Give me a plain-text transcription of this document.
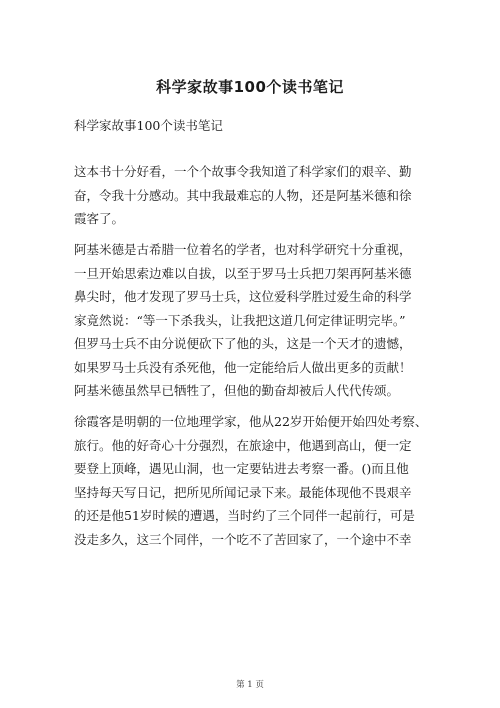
科学家故事100个读书笔记
科学家故事100个读书笔记
这本书十分好看，一个个故事令我知道了科学家们的艰辛、勤
奋，令我十分感动。其中我最难忘的人物，还是阿基米德和徐
霞客了。
阿基米德是古希腊一位着名的学者，也对科学研究十分重视，
一旦开始思索边难以自拔，以至于罗马士兵把刀架再阿基米德
鼻尖时，他才发现了罗马士兵，这位爱科学胜过爱生命的科学
家竟然说：“等一下杀我头，让我把这道几何定律证明完毕。”
但罗马士兵不由分说便砍下了他的头，这是一个天才的遗憾，
如果罗马士兵没有杀死他，他一定能给后人做出更多的贡献！
阿基米德虽然早已牺牲了，但他的勤奋却被后人代代传颂。
徐霞客是明朝的一位地理学家，他从22岁开始便开始四处考察、
旅行。他的好奇心十分强烈，在旅途中，他遇到高山，便一定
要登上顶峰，遇见山洞，也一定要钻进去考察一番。()而且他
坚持每天写日记，把所见所闻记录下来。最能体现他不畏艰辛
的还是他51岁时候的遭遇，当时约了三个同伴一起前行，可是
没走多久，这三个同伴，一个吃不了苦回家了，一个途中不幸
第 1 页
